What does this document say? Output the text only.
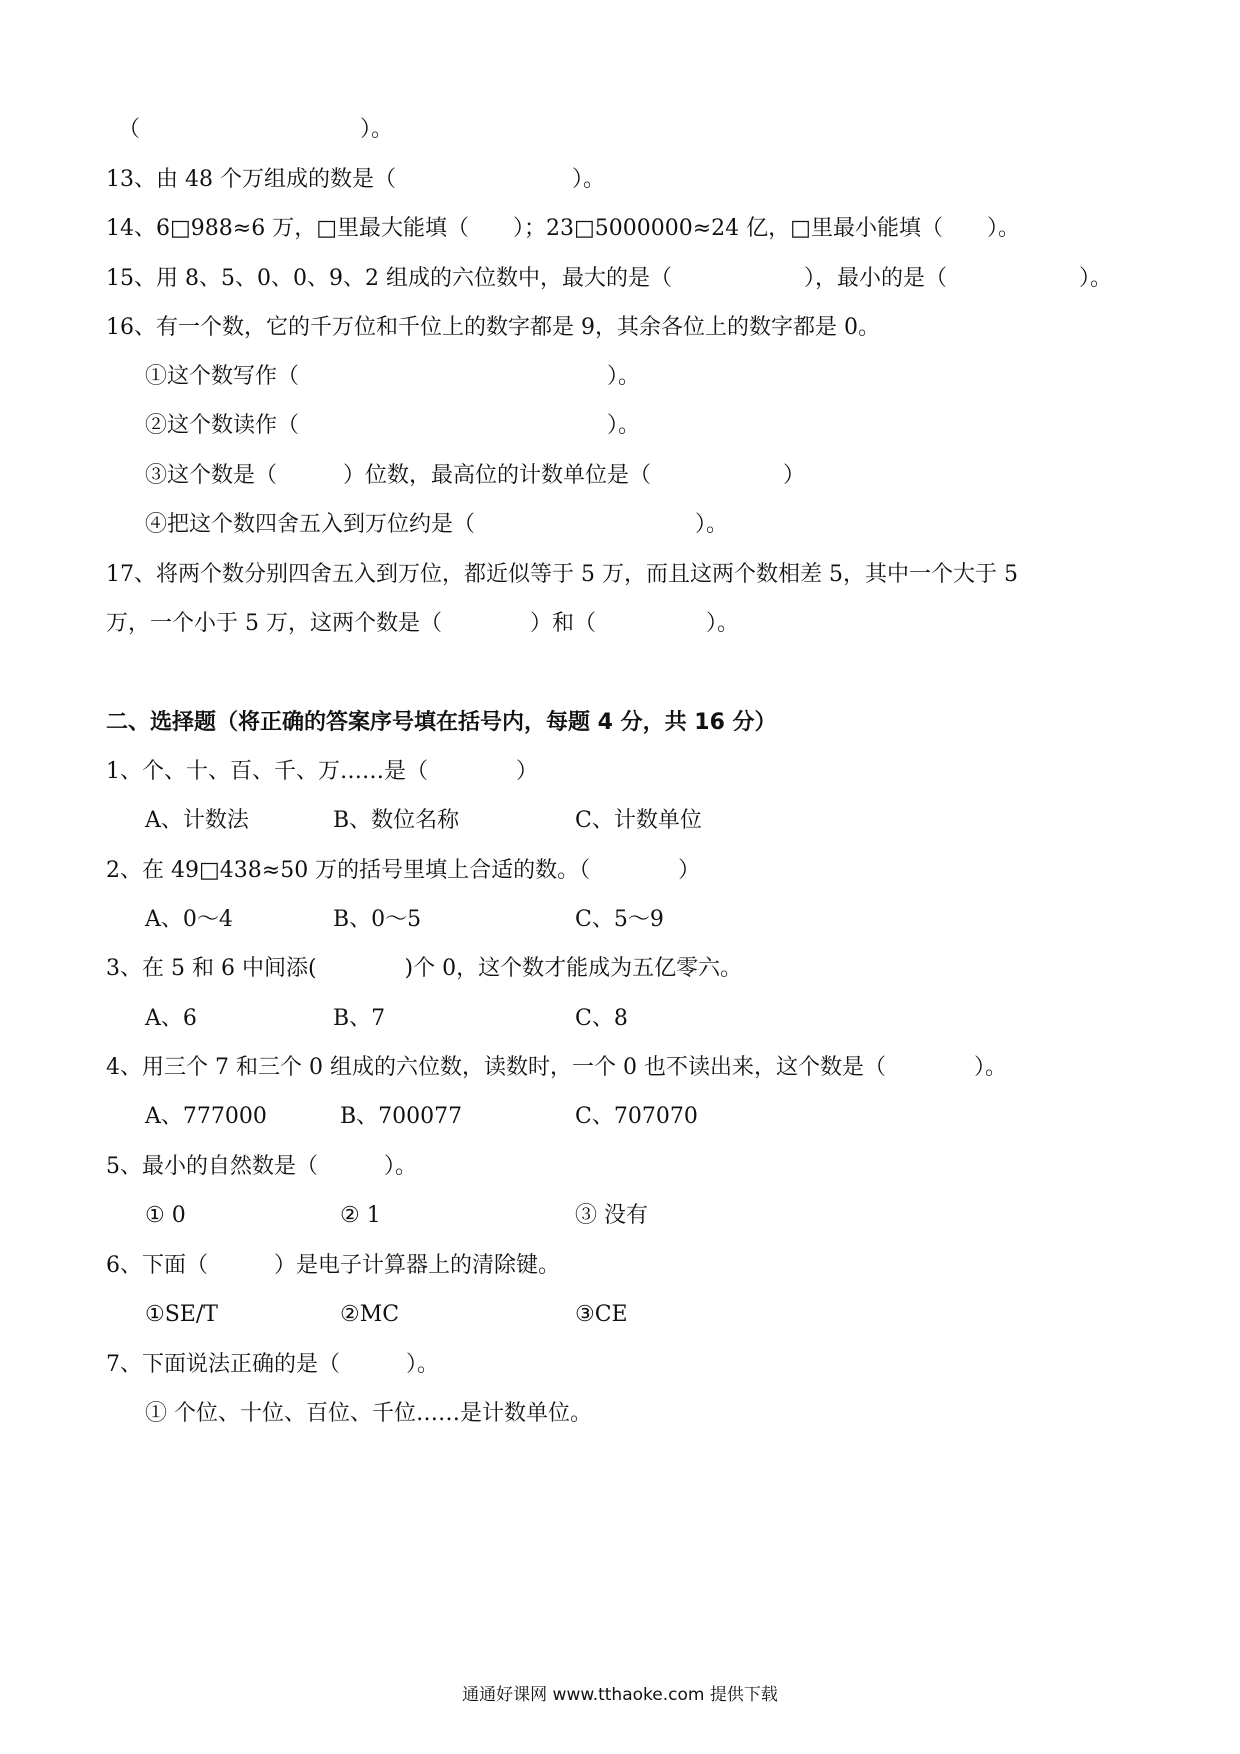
（　　　　　　　　　　）。
13、由 48 个万组成的数是（　　　　　　　　）。
14、6□988≈6 万，□里最大能填（　　）；23□5000000≈24 亿，□里最小能填（　　）。
15、用 8、5、0、0、9、2 组成的六位数中，最大的是（　　　　　　），最小的是（　　　　　　）。
16、有一个数，它的千万位和千位上的数字都是 9，其余各位上的数字都是 0。
①这个数写作（　　　　　　　　　　　　　　）。
②这个数读作（　　　　　　　　　　　　　　）。
③这个数是（　　　）位数，最高位的计数单位是（　　　　　　）
④把这个数四舍五入到万位约是（　　　　　　　　　　）。
17、将两个数分别四舍五入到万位，都近似等于 5 万，而且这两个数相差 5，其中一个大于 5
万，一个小于 5 万，这两个数是（　　　　）和（　　　　　）。
二、选择题（将正确的答案序号填在括号内，每题 4 分，共 16 分）
1、个、十、百、千、万……是（　　　　）
A、计数法	B、数位名称	C、计数单位
2、在 49□438≈50 万的括号里填上合适的数。（　　　　）
A、0～4	B、0～5	C、5～9
3、在 5 和 6 中间添(　　　　)个 0，这个数才能成为五亿零六。
A、6	B、7	C、8
4、用三个 7 和三个 0 组成的六位数，读数时，一个 0 也不读出来，这个数是（　　　　）。
A、777000	B、700077	C、707070
5、最小的自然数是（　　　）。
① 0	② 1	③ 没有
6、下面（　　　）是电子计算器上的清除键。
①SE/T	②MC	③CE
7、下面说法正确的是（　　　）。
① 个位、十位、百位、千位……是计数单位。
通通好课网 www.tthaoke.com 提供下载
